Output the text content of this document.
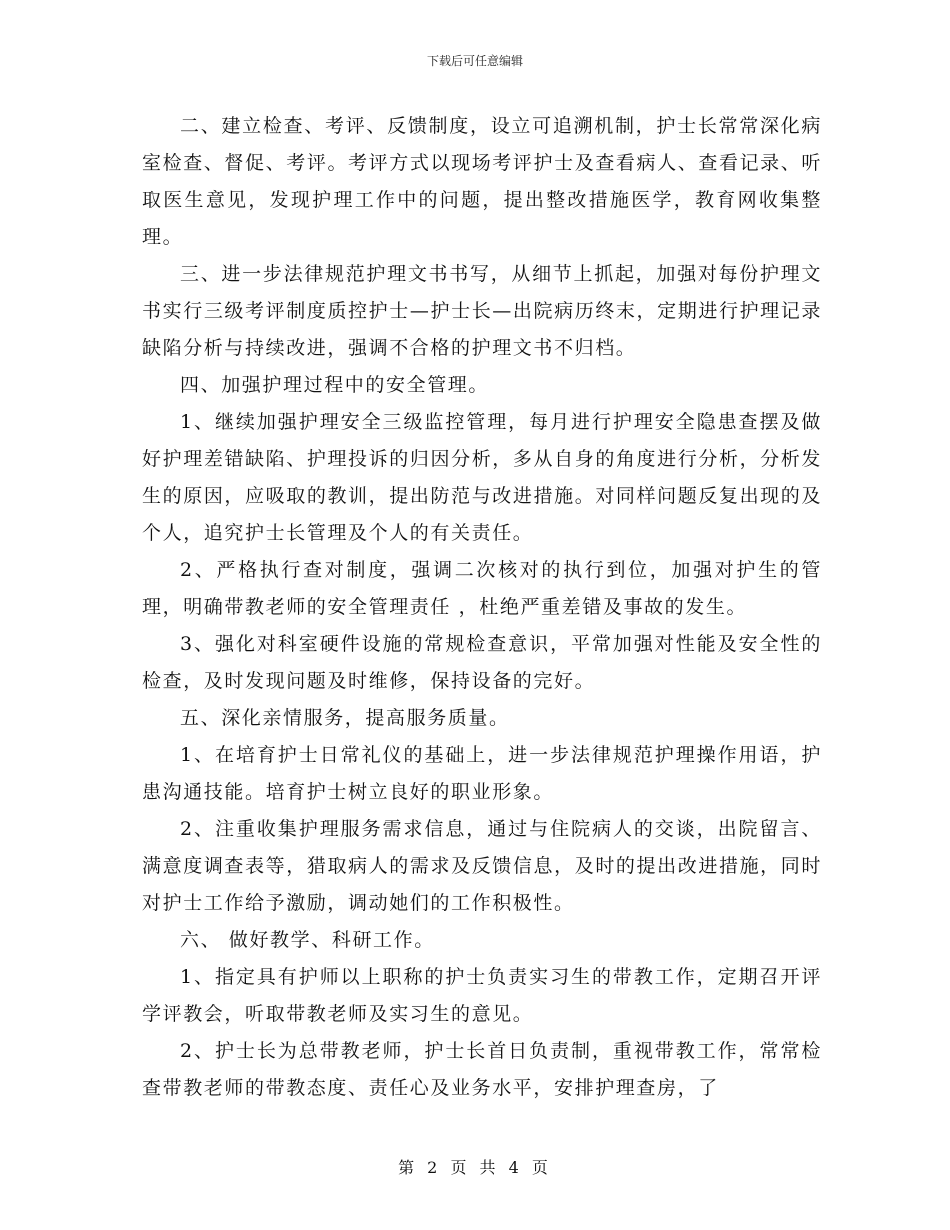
下载后可任意编辑

二、建立检查、考评、反馈制度，设立可追溯机制，护士长常常深化病室检查、督促、考评。考评方式以现场考评护士及查看病人、查看记录、听取医生意见，发现护理工作中的问题，提出整改措施医学，教育网收集整理。

三、进一步法律规范护理文书书写，从细节上抓起，加强对每份护理文书实行三级考评制度质控护士—护士长—出院病历终末，定期进行护理记录缺陷分析与持续改进，强调不合格的护理文书不归档。

四、加强护理过程中的安全管理。

1、继续加强护理安全三级监控管理，每月进行护理安全隐患查摆及做好护理差错缺陷、护理投诉的归因分析，多从自身的角度进行分析，分析发生的原因，应吸取的教训，提出防范与改进措施。对同样问题反复出现的及个人，追究护士长管理及个人的有关责任。

2、严格执行查对制度，强调二次核对的执行到位，加强对护生的管理，明确带教老师的安全管理责任 ，杜绝严重差错及事故的发生。

3、强化对科室硬件设施的常规检查意识，平常加强对性能及安全性的检查，及时发现问题及时维修，保持设备的完好。

五、深化亲情服务，提高服务质量。

1、在培育护士日常礼仪的基础上，进一步法律规范护理操作用语，护患沟通技能。培育护士树立良好的职业形象。

2、注重收集护理服务需求信息，通过与住院病人的交谈，出院留言、满意度调查表等，猎取病人的需求及反馈信息，及时的提出改进措施，同时对护士工作给予激励，调动她们的工作积极性。

六、 做好教学、科研工作。

1、指定具有护师以上职称的护士负责实习生的带教工作，定期召开评学评教会，听取带教老师及实习生的意见。

2、护士长为总带教老师，护士长首日负责制，重视带教工作，常常检查带教老师的带教态度、责任心及业务水平，安排护理查房，了

第 2 页 共 4 页
